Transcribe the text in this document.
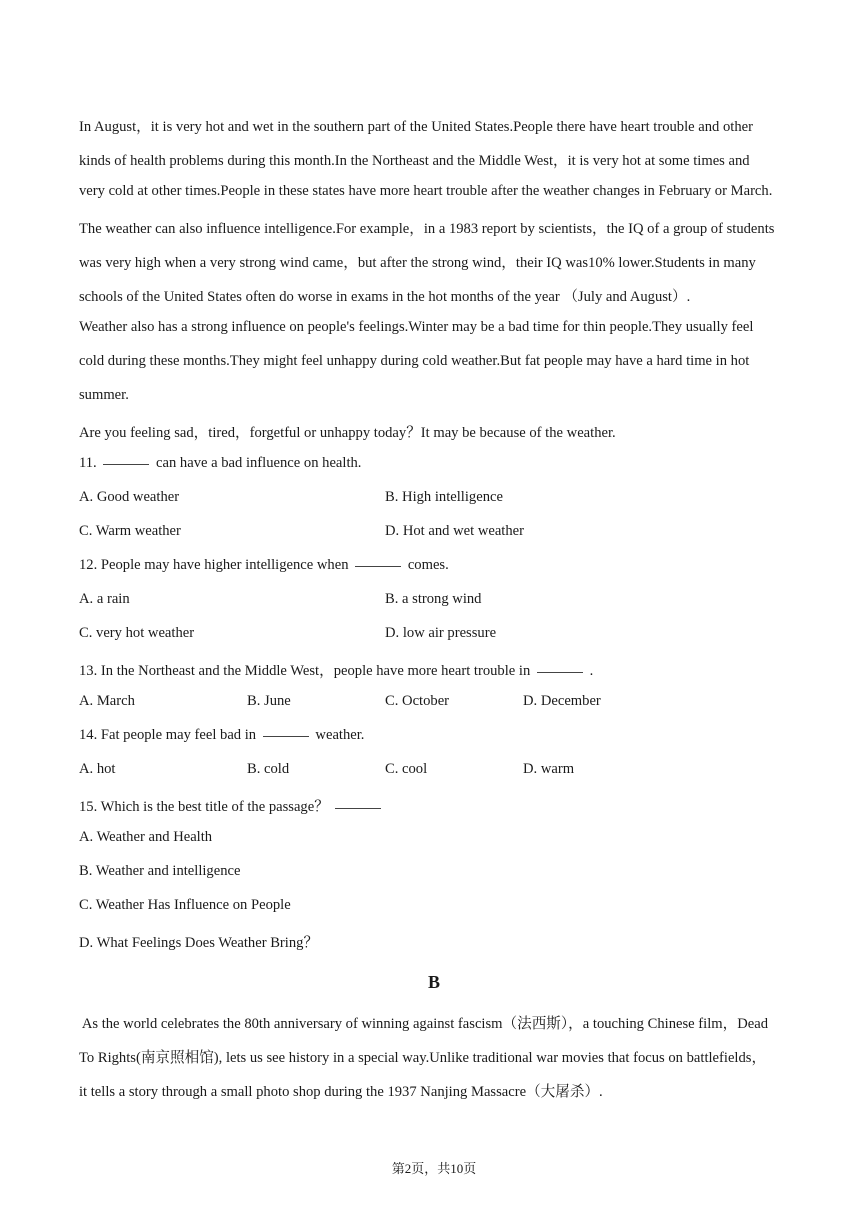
In August，it is very hot and wet in the southern part of the United States.People there have heart trouble and other
kinds of health problems during this month.In the Northeast and the Middle West，it is very hot at some times and
very cold at other times.People in these states have more heart trouble after the weather changes in February or March.
The weather can also influence intelligence.For example，in a 1983 report by scientists，the IQ of a group of students
was very high when a very strong wind came，but after the strong wind，their IQ was10% lower.Students in many
schools of the United States often do worse in exams in the hot months of the year （July and August）.
Weather also has a strong influence on people's feelings.Winter may be a bad time for thin people.They usually feel
cold during these months.They might feel unhappy during cold weather.But fat people may have a hard time in hot
summer.
Are you feeling sad，tired，forgetful or unhappy today？It may be because of the weather.
11.	can have a bad influence on health.
A. Good weather	B. High intelligence
C. Warm weather	D. Hot and wet weather
12. People may have higher intelligence when	comes.
A. a rain	B. a strong wind
C. very hot weather	D. low air pressure
13. In the Northeast and the Middle West，people have more heart trouble in	.
A. March	B. June	C. October	D. December
14. Fat people may feel bad in	weather.
A. hot	B. cold	C. cool	D. warm
15. Which is the best title of the passage？
A. Weather and Health
B. Weather and intelligence
C. Weather Has Influence on People
D. What Feelings Does Weather Bring？
B
As the world celebrates the 80th anniversary of winning against fascism（法西斯），a touching Chinese film，Dead
To Rights(南京照相馆), lets us see history in a special way.Unlike traditional war movies that focus on battlefields，
it tells a story through a small photo shop during the 1937 Nanjing Massacre（大屠杀）.
第2页，共10页
